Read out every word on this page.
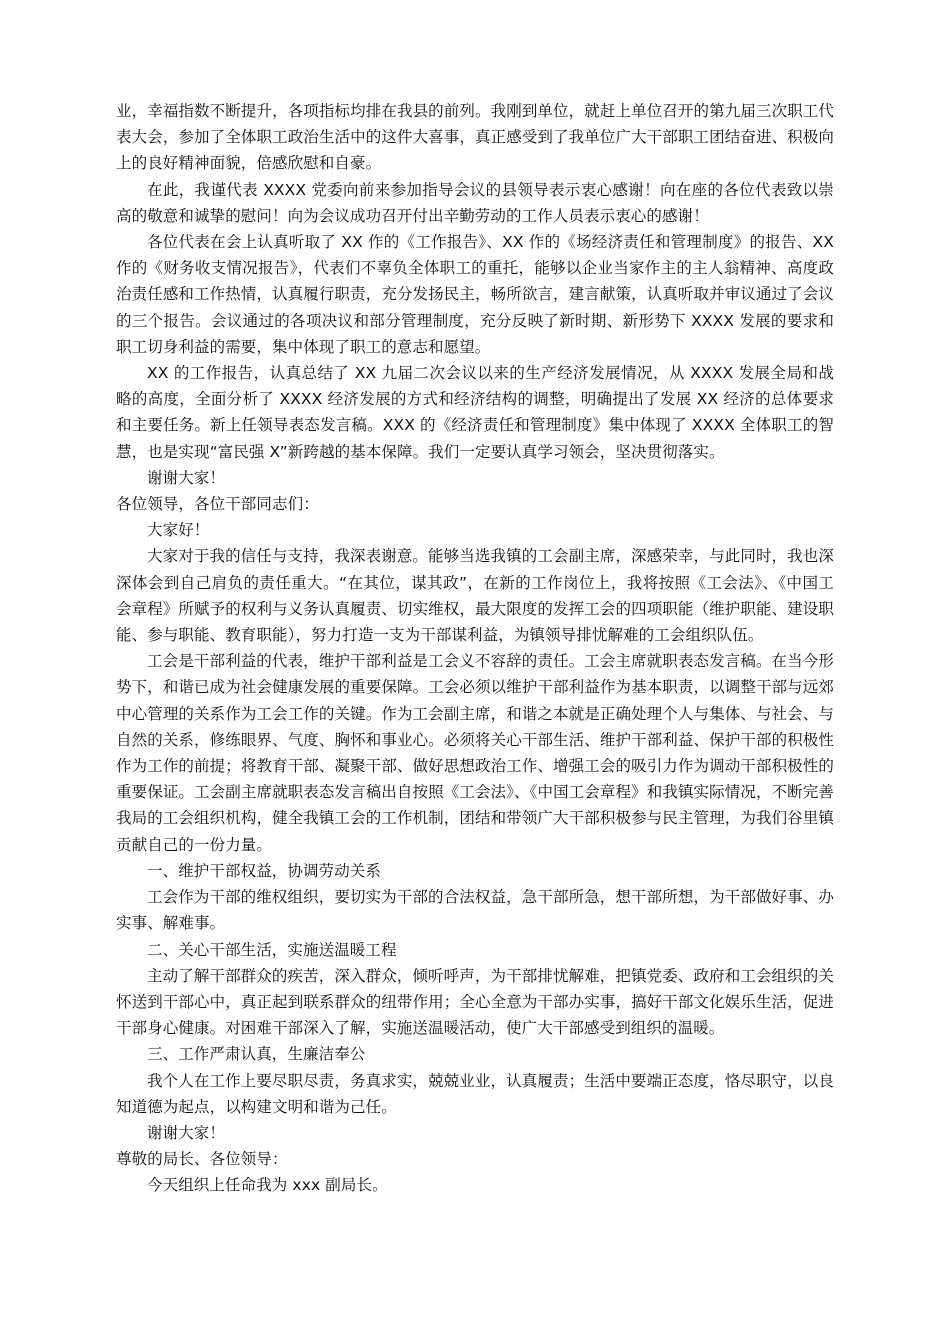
业，幸福指数不断提升，各项指标均排在我县的前列。我刚到单位，就赶上单位召开的第九届三次职工代表大会，参加了全体职工政治生活中的这件大喜事，真正感受到了我单位广大干部职工团结奋进、积极向上的良好精神面貌，倍感欣慰和自豪。

在此，我谨代表 XXXX 党委向前来参加指导会议的县领导表示衷心感谢！向在座的各位代表致以崇高的敬意和诚挚的慰问！向为会议成功召开付出辛勤劳动的工作人员表示衷心的感谢！

各位代表在会上认真听取了 XX 作的《工作报告》、XX 作的《场经济责任和管理制度》的报告、XX 作的《财务收支情况报告》，代表们不辜负全体职工的重托，能够以企业当家作主的主人翁精神、高度政治责任感和工作热情，认真履行职责，充分发扬民主，畅所欲言，建言献策，认真听取并审议通过了会议的三个报告。会议通过的各项决议和部分管理制度，充分反映了新时期、新形势下 XXXX 发展的要求和职工切身利益的需要，集中体现了职工的意志和愿望。

XX 的工作报告，认真总结了 XX 九届二次会议以来的生产经济发展情况，从 XXXX 发展全局和战略的高度，全面分析了 XXXX 经济发展的方式和经济结构的调整，明确提出了发展 XX 经济的总体要求和主要任务。新上任领导表态发言稿。XXX 的《经济责任和管理制度》集中体现了 XXXX 全体职工的智慧，也是实现“富民强 X”新跨越的基本保障。我们一定要认真学习领会，坚决贯彻落实。

谢谢大家！

各位领导，各位干部同志们：

大家好！

大家对于我的信任与支持，我深表谢意。能够当选我镇的工会副主席，深感荣幸，与此同时，我也深深体会到自己肩负的责任重大。“在其位，谋其政”，在新的工作岗位上，我将按照《工会法》、《中国工会章程》所赋予的权利与义务认真履责、切实维权，最大限度的发挥工会的四项职能（维护职能、建设职能、参与职能、教育职能），努力打造一支为干部谋利益，为镇领导排忧解难的工会组织队伍。

工会是干部利益的代表，维护干部利益是工会义不容辞的责任。工会主席就职表态发言稿。在当今形势下，和谐已成为社会健康发展的重要保障。工会必须以维护干部利益作为基本职责，以调整干部与远郊中心管理的关系作为工会工作的关键。作为工会副主席，和谐之本就是正确处理个人与集体、与社会、与自然的关系，修练眼界、气度、胸怀和事业心。必须将关心干部生活、维护干部利益、保护干部的积极性作为工作的前提；将教育干部、凝聚干部、做好思想政治工作、增强工会的吸引力作为调动干部积极性的重要保证。工会副主席就职表态发言稿出自按照《工会法》、《中国工会章程》和我镇实际情况，不断完善我局的工会组织机构，健全我镇工会的工作机制，团结和带领广大干部积极参与民主管理，为我们谷里镇贡献自己的一份力量。

一、维护干部权益，协调劳动关系

工会作为干部的维权组织，要切实为干部的合法权益，急干部所急，想干部所想，为干部做好事、办实事、解难事。

二、关心干部生活，实施送温暖工程

主动了解干部群众的疾苦，深入群众，倾听呼声，为干部排忧解难，把镇党委、政府和工会组织的关怀送到干部心中，真正起到联系群众的纽带作用；全心全意为干部办实事，搞好干部文化娱乐生活，促进干部身心健康。对困难干部深入了解，实施送温暖活动，使广大干部感受到组织的温暖。

三、工作严肃认真，生廉洁奉公

我个人在工作上要尽职尽责，务真求实，兢兢业业，认真履责；生活中要端正态度，恪尽职守，以良知道德为起点，以构建文明和谐为己任。

谢谢大家！

尊敬的局长、各位领导：

今天组织上任命我为 xxx 副局长。
